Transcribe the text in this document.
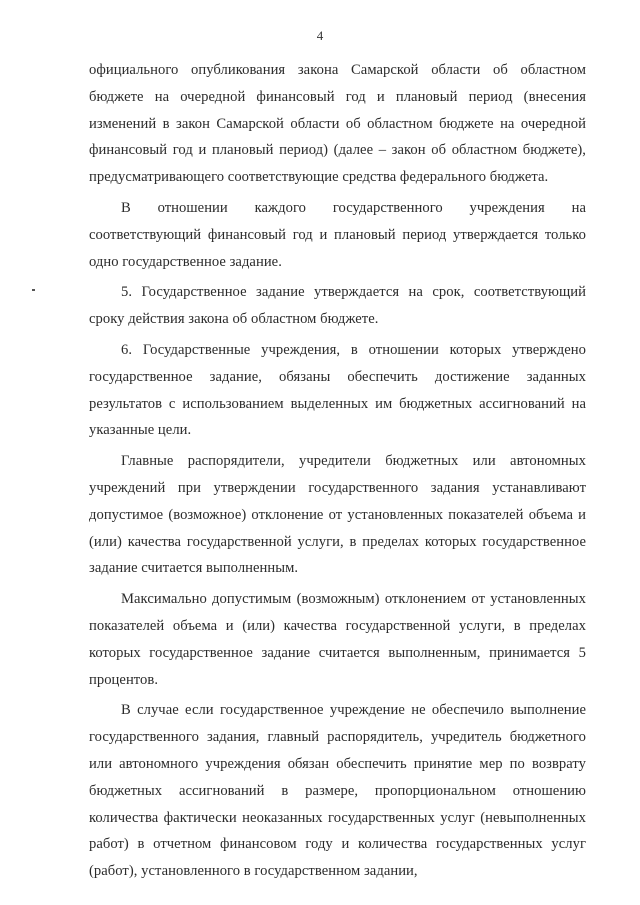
4

официального опубликования закона Самарской области об областном бюджете на очередной финансовый год и плановый период (внесения изменений в закон Самарской области об областном бюджете на очередной финансовый год и плановый период) (далее – закон об областном бюджете), предусматривающего соответствующие средства федерального бюджета.

В отношении каждого государственного учреждения на соответствующий финансовый год и плановый период утверждается только одно государственное задание.

5. Государственное задание утверждается на срок, соответствующий сроку действия закона об областном бюджете.

6. Государственные учреждения, в отношении которых утверждено государственное задание, обязаны обеспечить достижение заданных результатов с использованием выделенных им бюджетных ассигнований на указанные цели.

Главные распорядители, учредители бюджетных или автономных учреждений при утверждении государственного задания устанавливают допустимое (возможное) отклонение от установленных показателей объема и (или) качества государственной услуги, в пределах которых государственное задание считается выполненным.

Максимально допустимым (возможным) отклонением от установленных показателей объема и (или) качества государственной услуги, в пределах которых государственное задание считается выполненным, принимается 5 процентов.

В случае если государственное учреждение не обеспечило выполнение государственного задания, главный распорядитель, учредитель бюджетного или автономного учреждения обязан обеспечить принятие мер по возврату бюджетных ассигнований в размере, пропорциональном отношению количества фактически неоказанных государственных услуг (невыполненных работ) в отчетном финансовом году и количества государственных услуг (работ), установленного в государственном задании,
